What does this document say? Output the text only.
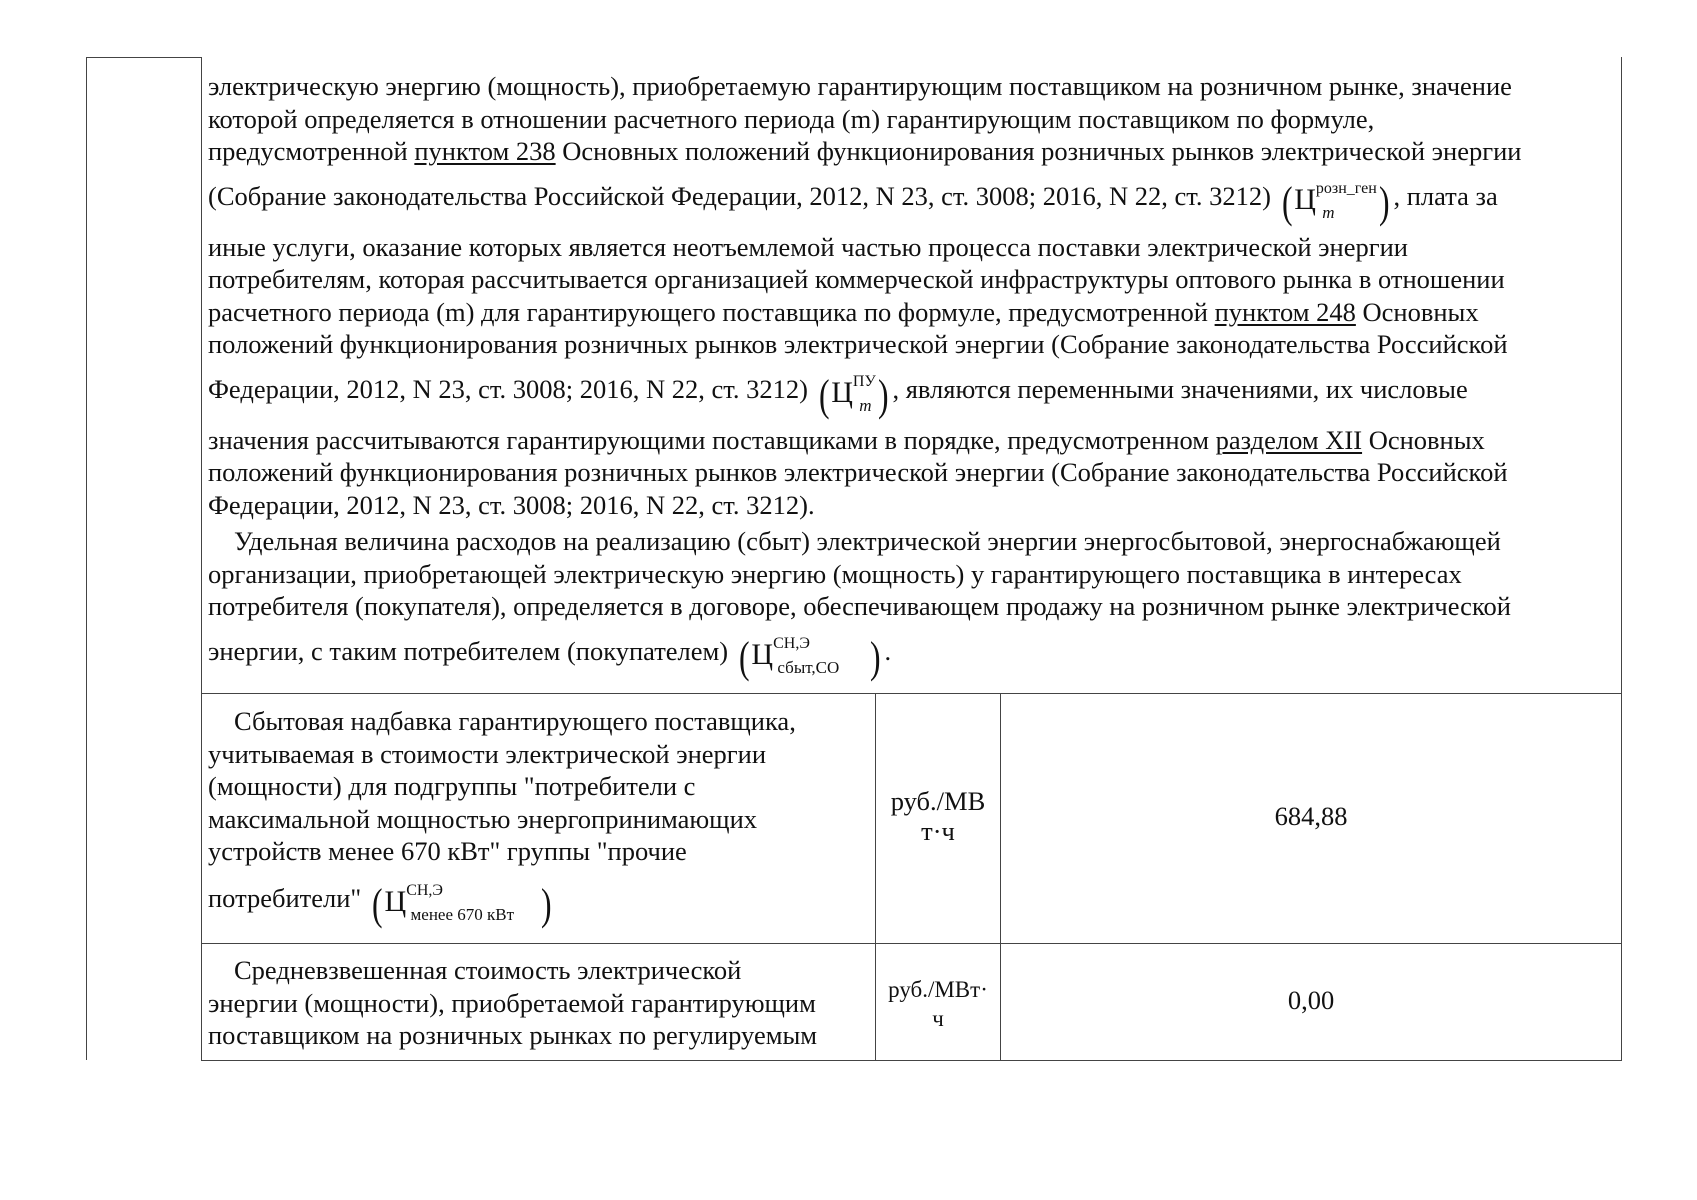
электрическую энергию (мощность), приобретаемую гарантирующим поставщиком на розничном рынке, значение
которой определяется в отношении расчетного периода (m) гарантирующим поставщиком по формуле,
предусмотренной пунктом 238 Основных положений функционирования розничных рынков электрической энергии
(Собрание законодательства Российской Федерации, 2012, N 23, ст. 3008; 2016, N 22, ст. 3212) (Црозн_ген
m ) , плата за
иные услуги, оказание которых является неотъемлемой частью процесса поставки электрической энергии
потребителям, которая рассчитывается организацией коммерческой инфраструктуры оптового рынка в отношении
расчетного периода (m) для гарантирующего поставщика по формуле, предусмотренной пунктом 248 Основных
положений функционирования розничных рынков электрической энергии (Собрание законодательства Российской
Федерации, 2012, N 23, ст. 3008; 2016, N 22, ст. 3212) (ЦПУ
m ) , являются переменными значениями, их числовые
значения рассчитываются гарантирующими поставщиками в порядке, предусмотренном разделом XII Основных
положений функционирования розничных рынков электрической энергии (Собрание законодательства Российской
Федерации, 2012, N 23, ст. 3008; 2016, N 22, ст. 3212).
Удельная величина расходов на реализацию (сбыт) электрической энергии энергосбытовой, энергоснабжающей
организации, приобретающей электрическую энергию (мощность) у гарантирующего поставщика в интересах
потребителя (покупателя), определяется в договоре, обеспечивающем продажу на розничном рынке электрической
энергии, с таким потребителем (покупателем) (ЦСН,Э
сбыт,СО ) .
Сбытовая надбавка гарантирующего поставщика,
учитываемая в стоимости электрической энергии
(мощности) для подгруппы "потребители с
максимальной мощностью энергопринимающих
устройств менее 670 кВт" группы "прочие
потребители" (ЦСН,Э
менее 670 кВт )
руб./МВ
т·ч	684,88
Средневзвешенная стоимость электрической
энергии (мощности), приобретаемой гарантирующим
поставщиком на розничных рынках по регулируемым
руб./МВт·
ч
0,00
